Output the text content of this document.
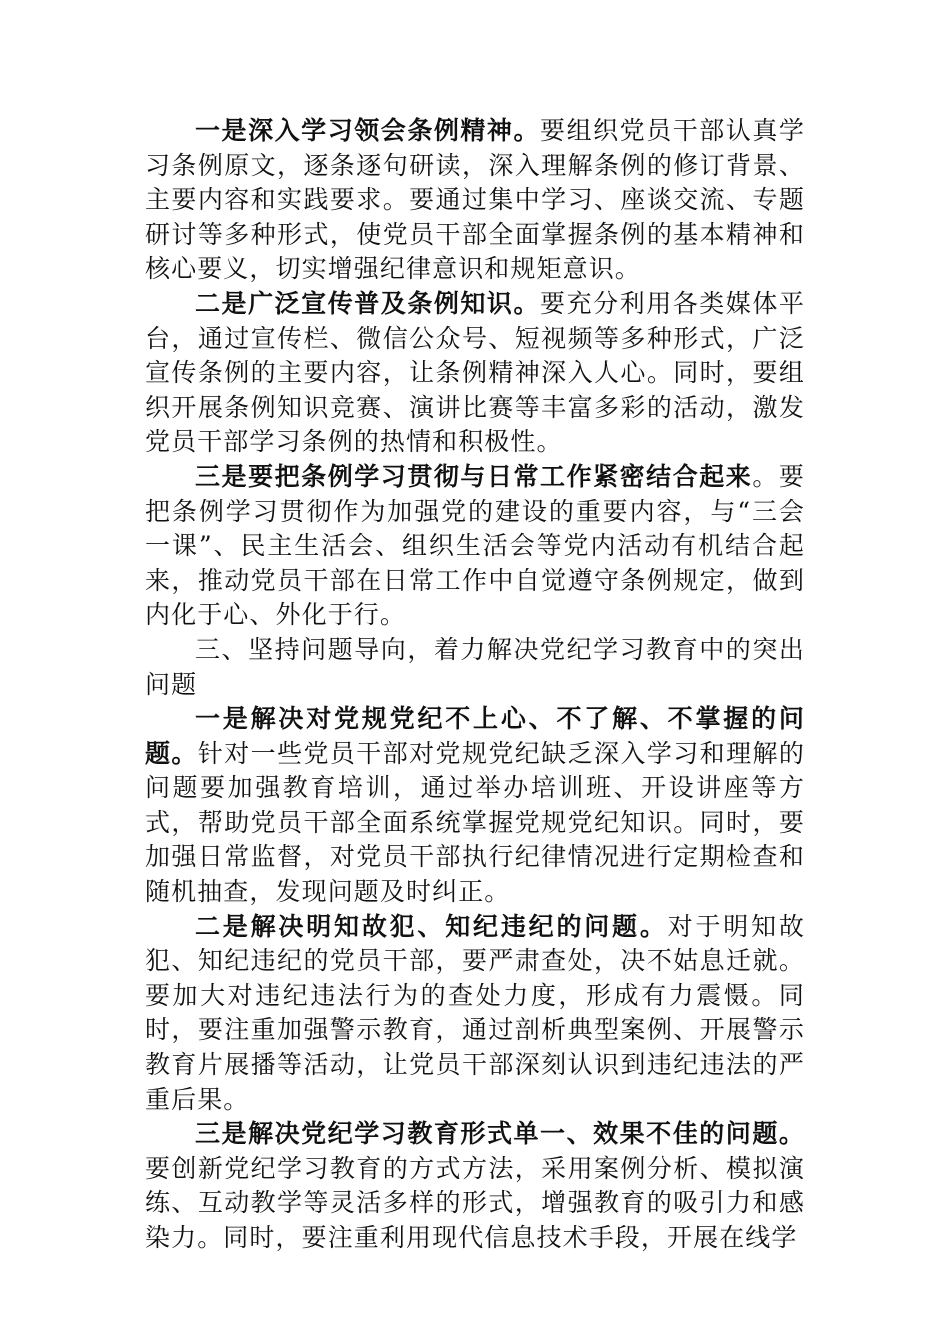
一是深入学习领会条例精神。要组织党员干部认真学习条例原文，逐条逐句研读，深入理解条例的修订背景、主要内容和实践要求。要通过集中学习、座谈交流、专题研讨等多种形式，使党员干部全面掌握条例的基本精神和核心要义，切实增强纪律意识和规矩意识。

二是广泛宣传普及条例知识。要充分利用各类媒体平台，通过宣传栏、微信公众号、短视频等多种形式，广泛宣传条例的主要内容，让条例精神深入人心。同时，要组织开展条例知识竞赛、演讲比赛等丰富多彩的活动，激发党员干部学习条例的热情和积极性。

三是要把条例学习贯彻与日常工作紧密结合起来。要把条例学习贯彻作为加强党的建设的重要内容，与“三会一课”、民主生活会、组织生活会等党内活动有机结合起来，推动党员干部在日常工作中自觉遵守条例规定，做到内化于心、外化于行。

三、坚持问题导向，着力解决党纪学习教育中的突出问题

一是解决对党规党纪不上心、不了解、不掌握的问题。针对一些党员干部对党规党纪缺乏深入学习和理解的问题要加强教育培训，通过举办培训班、开设讲座等方式，帮助党员干部全面系统掌握党规党纪知识。同时，要加强日常监督，对党员干部执行纪律情况进行定期检查和随机抽查，发现问题及时纠正。

二是解决明知故犯、知纪违纪的问题。对于明知故犯、知纪违纪的党员干部，要严肃查处，决不姑息迁就。要加大对违纪违法行为的查处力度，形成有力震慑。同时，要注重加强警示教育，通过剖析典型案例、开展警示教育片展播等活动，让党员干部深刻认识到违纪违法的严重后果。

三是解决党纪学习教育形式单一、效果不佳的问题。要创新党纪学习教育的方式方法，采用案例分析、模拟演练、互动教学等灵活多样的形式，增强教育的吸引力和感染力。同时，要注重利用现代信息技术手段，开展在线学
